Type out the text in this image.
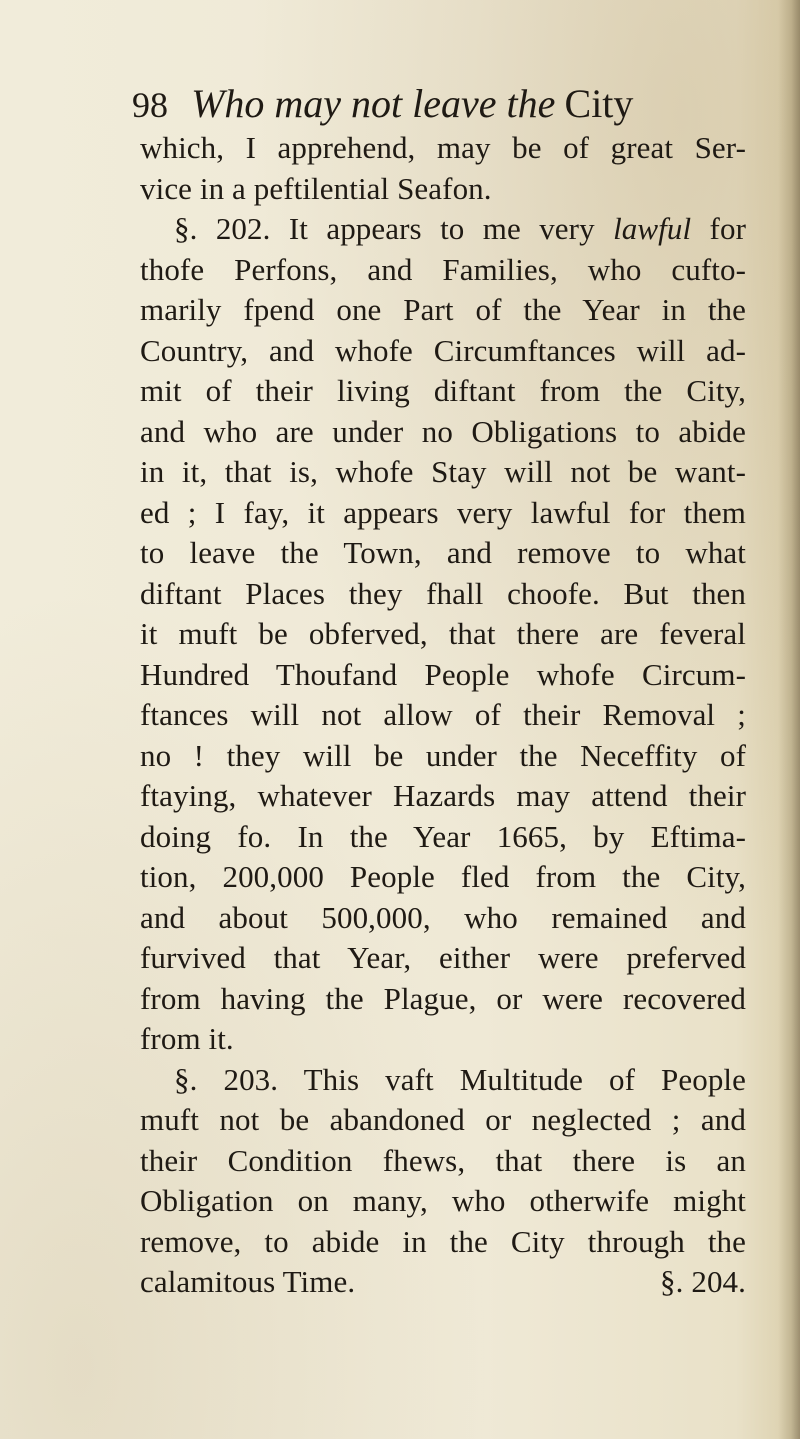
98 Who may not leave the City
which, I apprehend, may be of great Ser-
vice in a peftilential Seafon.
§. 202. It appears to me very lawful for
thofe Perfons, and Families, who cufto-
marily fpend one Part of the Year in the
Country, and whofe Circumftances will ad-
mit of their living diftant from the City,
and who are under no Obligations to abide
in it, that is, whofe Stay will not be want-
ed ; I fay, it appears very lawful for them
to leave the Town, and remove to what
diftant Places they fhall choofe. But then
it muft be obferved, that there are feveral
Hundred Thoufand People whofe Circum-
ftances will not allow of their Removal ;
no ! they will be under the Neceffity of
ftaying, whatever Hazards may attend their
doing fo. In the Year 1665, by Eftima-
tion, 200,000 People fled from the City,
and about 500,000, who remained and
furvived that Year, either were preferved
from having the Plague, or were recovered
from it.
§. 203. This vaft Multitude of People
muft not be abandoned or neglected ; and
their Condition fhews, that there is an
Obligation on many, who otherwife might
remove, to abide in the City through the
calamitous Time.	§. 204.
